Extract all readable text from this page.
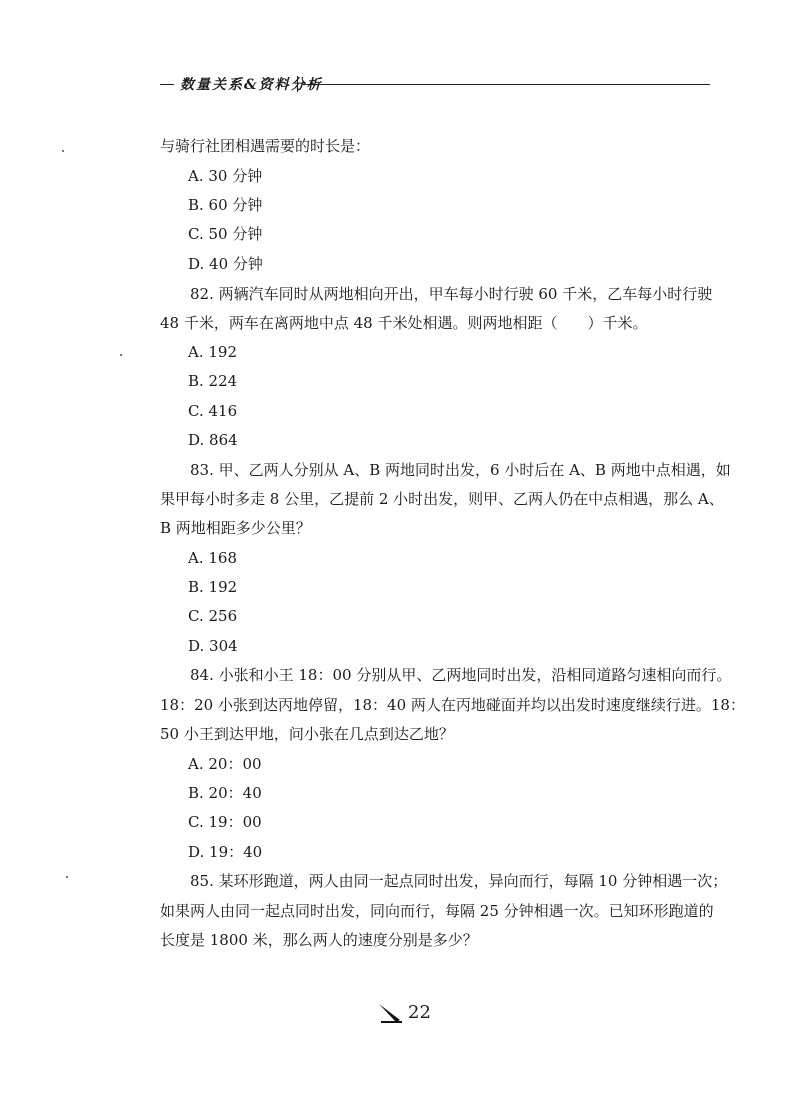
数量关系&资料分析
与骑行社团相遇需要的时长是：
A. 30 分钟
B. 60 分钟
C. 50 分钟
D. 40 分钟
82. 两辆汽车同时从两地相向开出，甲车每小时行驶 60 千米，乙车每小时行驶
48 千米，两车在离两地中点 48 千米处相遇。则两地相距（　　）千米。
A. 192
B. 224
C. 416
D. 864
83. 甲、乙两人分别从 A、B 两地同时出发，6 小时后在 A、B 两地中点相遇，如
果甲每小时多走 8 公里，乙提前 2 小时出发，则甲、乙两人仍在中点相遇，那么 A、
B 两地相距多少公里？
A. 168
B. 192
C. 256
D. 304
84. 小张和小王 18：00 分别从甲、乙两地同时出发，沿相同道路匀速相向而行。
18：20 小张到达丙地停留，18：40 两人在丙地碰面并均以出发时速度继续行进。18：
50 小王到达甲地，问小张在几点到达乙地？
A. 20：00
B. 20：40
C. 19：00
D. 19：40
85. 某环形跑道，两人由同一起点同时出发，异向而行，每隔 10 分钟相遇一次；
如果两人由同一起点同时出发，同向而行，每隔 25 分钟相遇一次。已知环形跑道的
长度是 1800 米，那么两人的速度分别是多少？
22
